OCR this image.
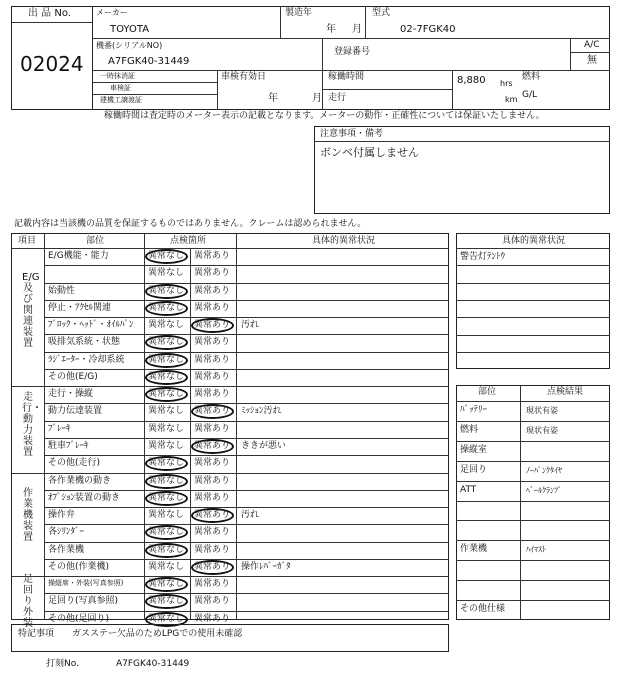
出 品 No.
02024
メーカー
TOYOTA
製造年
年 月
型式
02-7FGK40
機番(シリアルNO)
A7FGK40-31449
登録番号
A/C
無
一時抹消証
車検証
建機工譲渡証
車検有効日
年	月
稼働時間	8,880 hrs
走行	km
燃料
G/L
稼働時間は査定時のメーター表示の記載となります。メーターの動作・正確性については保証いたしません。
注意事項・備考
ボンベ付属しません
記載内容は当該機の品質を保証するものではありません。クレームは認められません。
項目	部位	点検箇所	具体的異常状況
E/G及び関連装置
走行・動力装置
作業機装置
足回り外装
E/G機能・能力	異常なし 異常あり
異常なし 異常あり
始動性	異常なし 異常あり
停止・ｱｸｾﾙ関連	異常なし 異常あり
ﾌﾞﾛｯｸ・ﾍｯﾄﾞ・ｵｲﾙﾊﾟﾝ 異常なし 異常あり 汚れ
吸排気系統・状態	異常なし 異常あり
ﾗｼﾞｴｰﾀｰ・冷却系統	異常なし 異常あり
その他(E/G)	異常なし 異常あり
走行・操縦	異常なし 異常あり
動力伝達装置	異常なし 異常あり ﾐｯｼｮﾝ汚れ
ﾌﾞﾚｰｷ	異常なし 異常あり
駐車ﾌﾞﾚｰｷ	異常なし 異常あり ききが悪い
その他(走行)	異常なし 異常あり
各作業機の動き	異常なし 異常あり
ｵﾌﾟｼｮﾝ装置の動き	異常なし 異常あり
操作弁	異常なし 異常あり 汚れ
各ｼﾘﾝﾀﾞｰ	異常なし 異常あり
各作業機	異常なし 異常あり
その他(作業機)	異常なし 異常あり 操作ﾚﾊﾞｰｶﾞﾀ
操縦席・外装(写真参照)	異常なし 異常あり
足回り(写真参照)	異常なし 異常あり
その他(足回り)	異常なし 異常あり
具体的異常状況
警告灯ﾃﾝﾄｳ
部位	点検結果
ﾊﾞｯﾃﾘｰ	現状有姿
燃料	現状有姿
操縦室
足回り	ﾉｰﾊﾟﾝｸﾀｲﾔ
ATT	ﾍﾞｰﾙｸﾗﾝﾌﾟ
作業機	ﾊｲﾏｽﾄ
その他仕様
特記事項 ガスステー欠品のためLPGでの使用未確認
打刻No.	A7FGK40-31449
